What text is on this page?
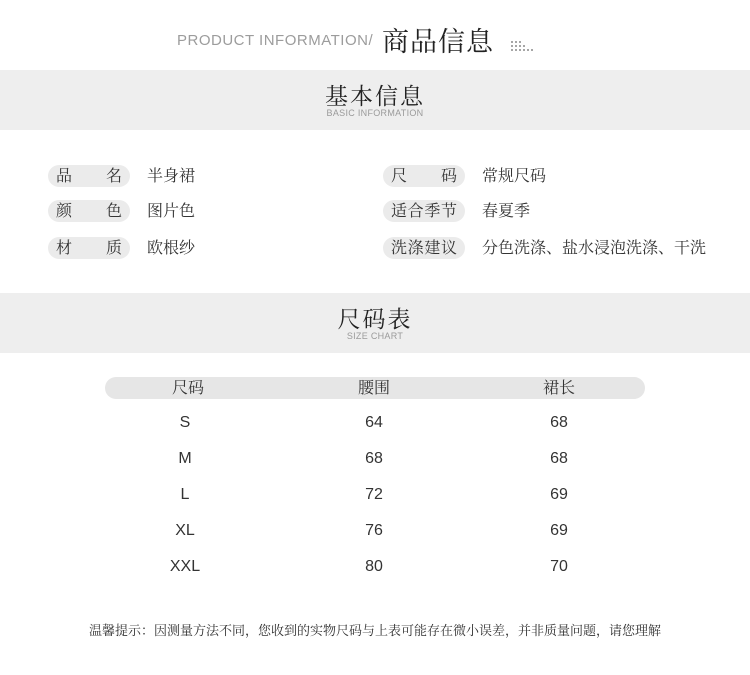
PRODUCT INFORMATION/ 商品信息
基本信息
BASIC INFORMATION
品名	半身裙
颜色	图片色
材质	欧根纱
尺码	常规尺码
适合季节	春夏季
洗涤建议	分色洗涤、盐水浸泡洗涤、干洗
尺码表
SIZE CHART
尺码	腰围	裙长
S	64	68
M	68	68
L	72	69
XL	76	69
XXL	80	70
温馨提示：因测量方法不同，您收到的实物尺码与上表可能存在微小误差，并非质量问题，请您理解
